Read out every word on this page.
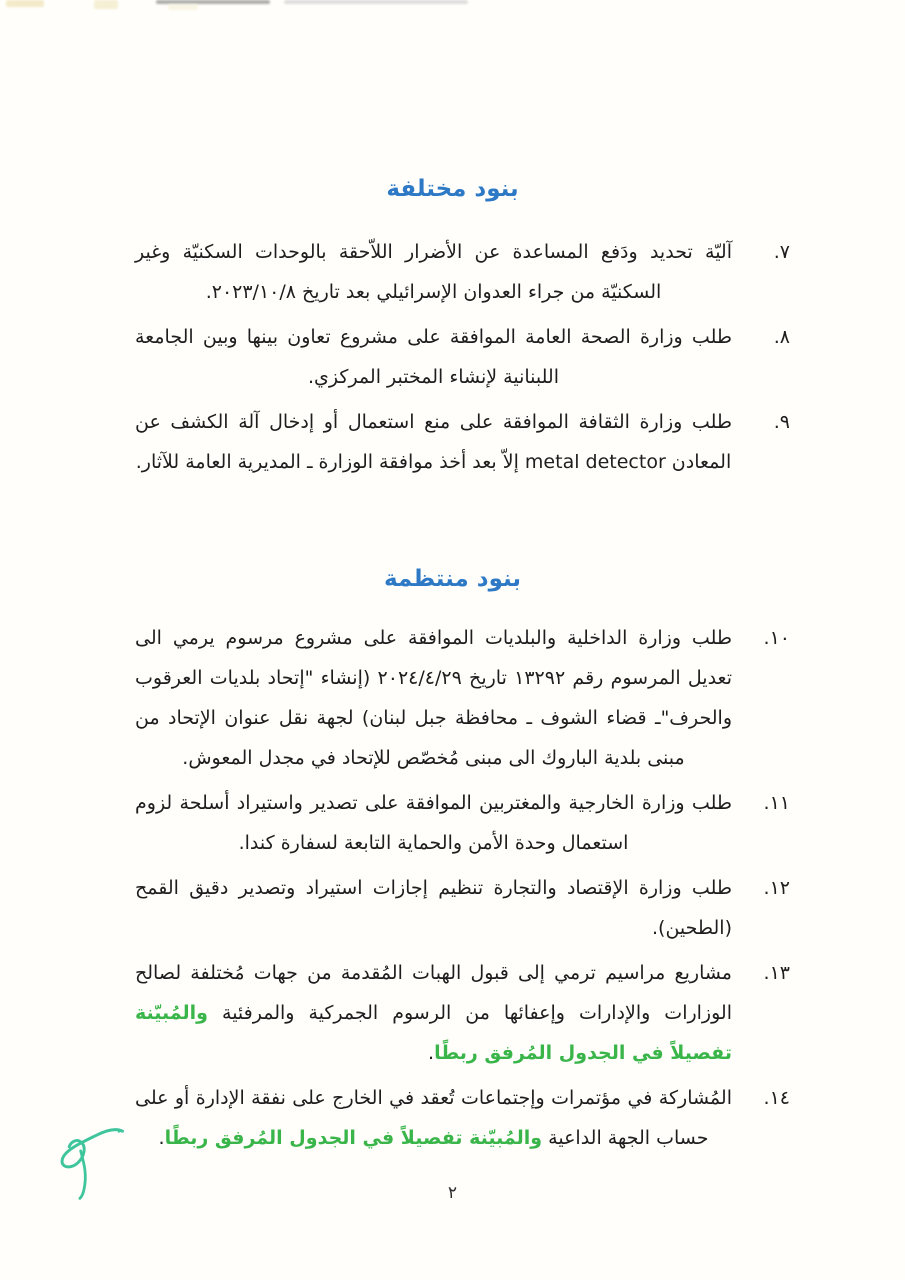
بنود مختلفة
٧.
آليّة تحديد ودَفع المساعدة عن الأضرار اللاّحقة بالوحدات السكنيّة وغير السكنيّة من جراء العدوان الإسرائيلي بعد تاريخ ٢٠٢٣/١٠/٨.
٨.
طلب وزارة الصحة العامة الموافقة على مشروع تعاون بينها وبين الجامعة اللبنانية لإنشاء المختبر المركزي.
٩.
طلب وزارة الثقافة الموافقة على منع استعمال أو إدخال آلة الكشف عن المعادن metal detector إلاّ بعد أخذ موافقة الوزارة ـ المديرية العامة للآثار.
بنود منتظمة
١٠.
طلب وزارة الداخلية والبلديات الموافقة على مشروع مرسوم يرمي الى تعديل المرسوم رقم ١٣٢٩٢ تاريخ ٢٠٢٤/٤/٢٩ (إنشاء "إتحاد بلديات العرقوب والحرف"ـ قضاء الشوف ـ محافظة جبل لبنان) لجهة نقل عنوان الإتحاد من مبنى بلدية الباروك الى مبنى مُخصّص للإتحاد في مجدل المعوش.
١١.
طلب وزارة الخارجية والمغتربين الموافقة على تصدير واستيراد أسلحة لزوم استعمال وحدة الأمن والحماية التابعة لسفارة كندا.
١٢.
طلب وزارة الإقتصاد والتجارة تنظيم إجازات استيراد وتصدير دقيق القمح (الطحين).
١٣.
مشاريع مراسيم ترمي إلى قبول الهبات المُقدمة من جهات مُختلفة لصالح الوزارات والإدارات وإعفائها من الرسوم الجمركية والمرفئية والمُبيّنة تفصيلاً في الجدول المُرفق ربطًا.
١٤.
المُشاركة في مؤتمرات وإجتماعات تُعقد في الخارج على نفقة الإدارة أو على حساب الجهة الداعية والمُبيّنة تفصيلاً في الجدول المُرفق ربطًا.
٢
